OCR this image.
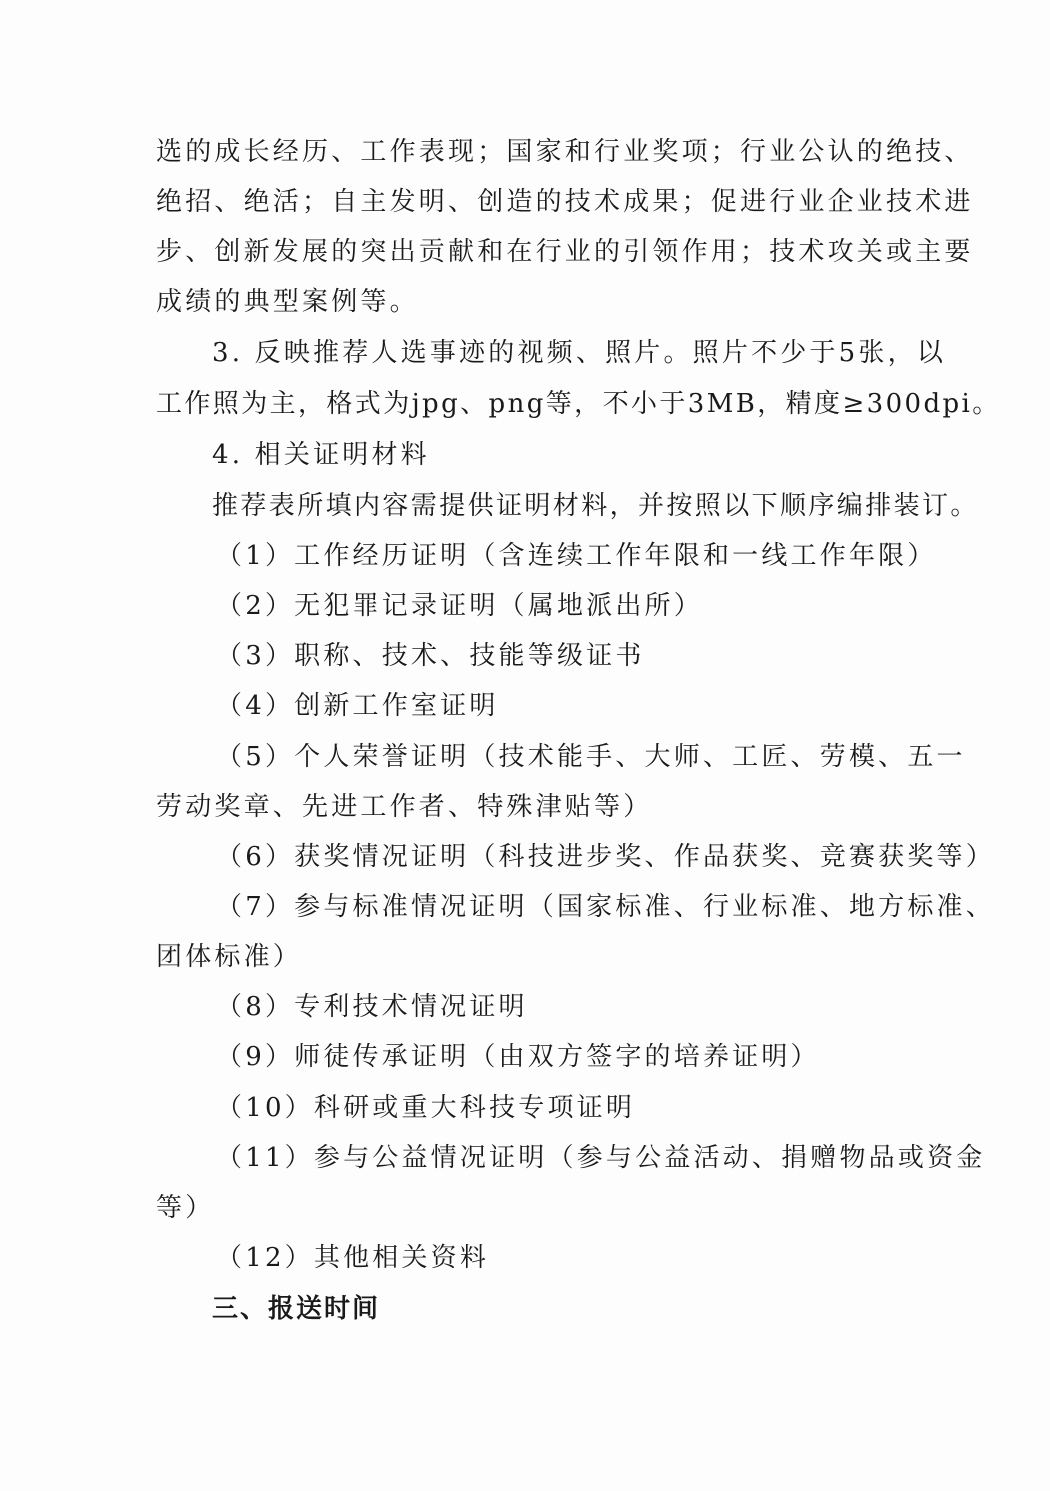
选的成长经历、工作表现；国家和行业奖项；行业公认的绝技、
绝招、绝活；自主发明、创造的技术成果；促进行业企业技术进
步、创新发展的突出贡献和在行业的引领作用；技术攻关或主要
成绩的典型案例等。
3. 反映推荐人选事迹的视频、照片。照片不少于5张，以
工作照为主，格式为jpg、png等，不小于3MB，精度≥300dpi。
4. 相关证明材料
推荐表所填内容需提供证明材料，并按照以下顺序编排装订。
（1）工作经历证明（含连续工作年限和一线工作年限）
（2）无犯罪记录证明（属地派出所）
（3）职称、技术、技能等级证书
（4）创新工作室证明
（5）个人荣誉证明（技术能手、大师、工匠、劳模、五一
劳动奖章、先进工作者、特殊津贴等）
（6）获奖情况证明（科技进步奖、作品获奖、竞赛获奖等）
（7）参与标准情况证明（国家标准、行业标准、地方标准、
团体标准）
（8）专利技术情况证明
（9）师徒传承证明（由双方签字的培养证明）
（10）科研或重大科技专项证明
（11）参与公益情况证明（参与公益活动、捐赠物品或资金
等）
（12）其他相关资料
三、报送时间
